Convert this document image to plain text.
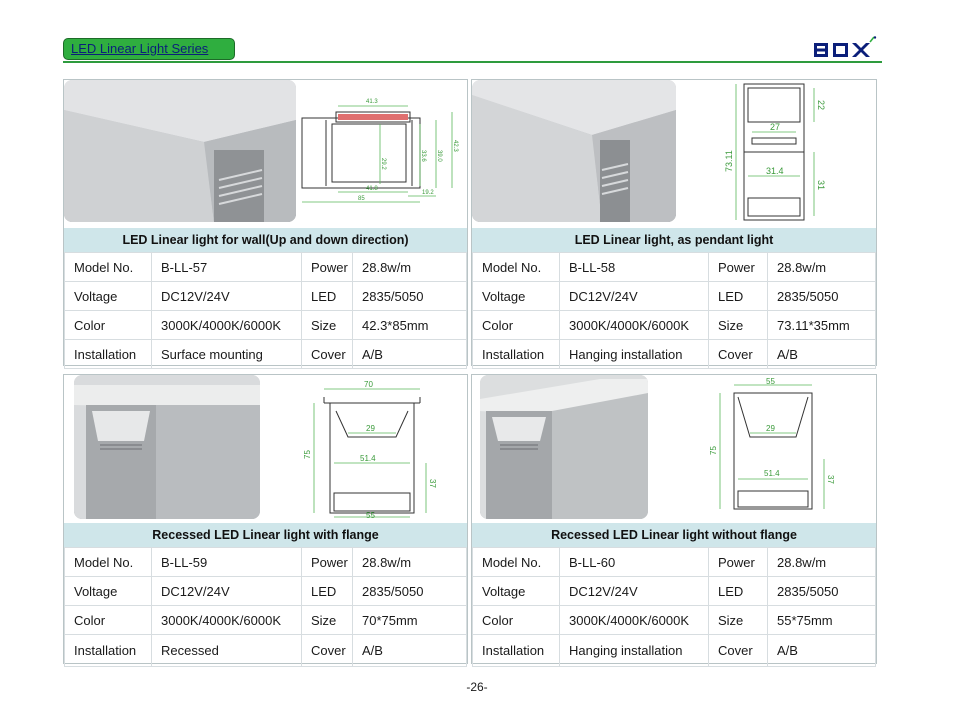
LED Linear Light Series
41.3
41.8
85
19.2
29.2
33.6 39.0
42.3
LED Linear light for wall(Up and down direction)
Model No.	B-LL-57	Power	28.8w/m
Voltage	DC12V/24V	LED	2835/5050
Color	3000K/4000K/6000K	Size	42.3*85mm
Installation	Surface mounting	Cover	A/B
73.11
22
27
31.4
31
LED Linear light, as pendant light
Model No.	B-LL-58	Power	28.8w/m
Voltage	DC12V/24V	LED	2835/5050
Color	3000K/4000K/6000K	Size	73.11*35mm
Installation	Hanging installation	Cover	A/B
70
29
51.4
75
37
55
Recessed LED Linear light with flange
Model No.	B-LL-59	Power	28.8w/m
Voltage	DC12V/24V	LED	2835/5050
Color	3000K/4000K/6000K	Size	70*75mm
Installation	Recessed	Cover	A/B
55
29
51.4
75
37
Recessed LED Linear light without flange
Model No.	B-LL-60	Power	28.8w/m
Voltage	DC12V/24V	LED	2835/5050
Color	3000K/4000K/6000K	Size	55*75mm
Installation	Hanging installation	Cover	A/B
-26-
